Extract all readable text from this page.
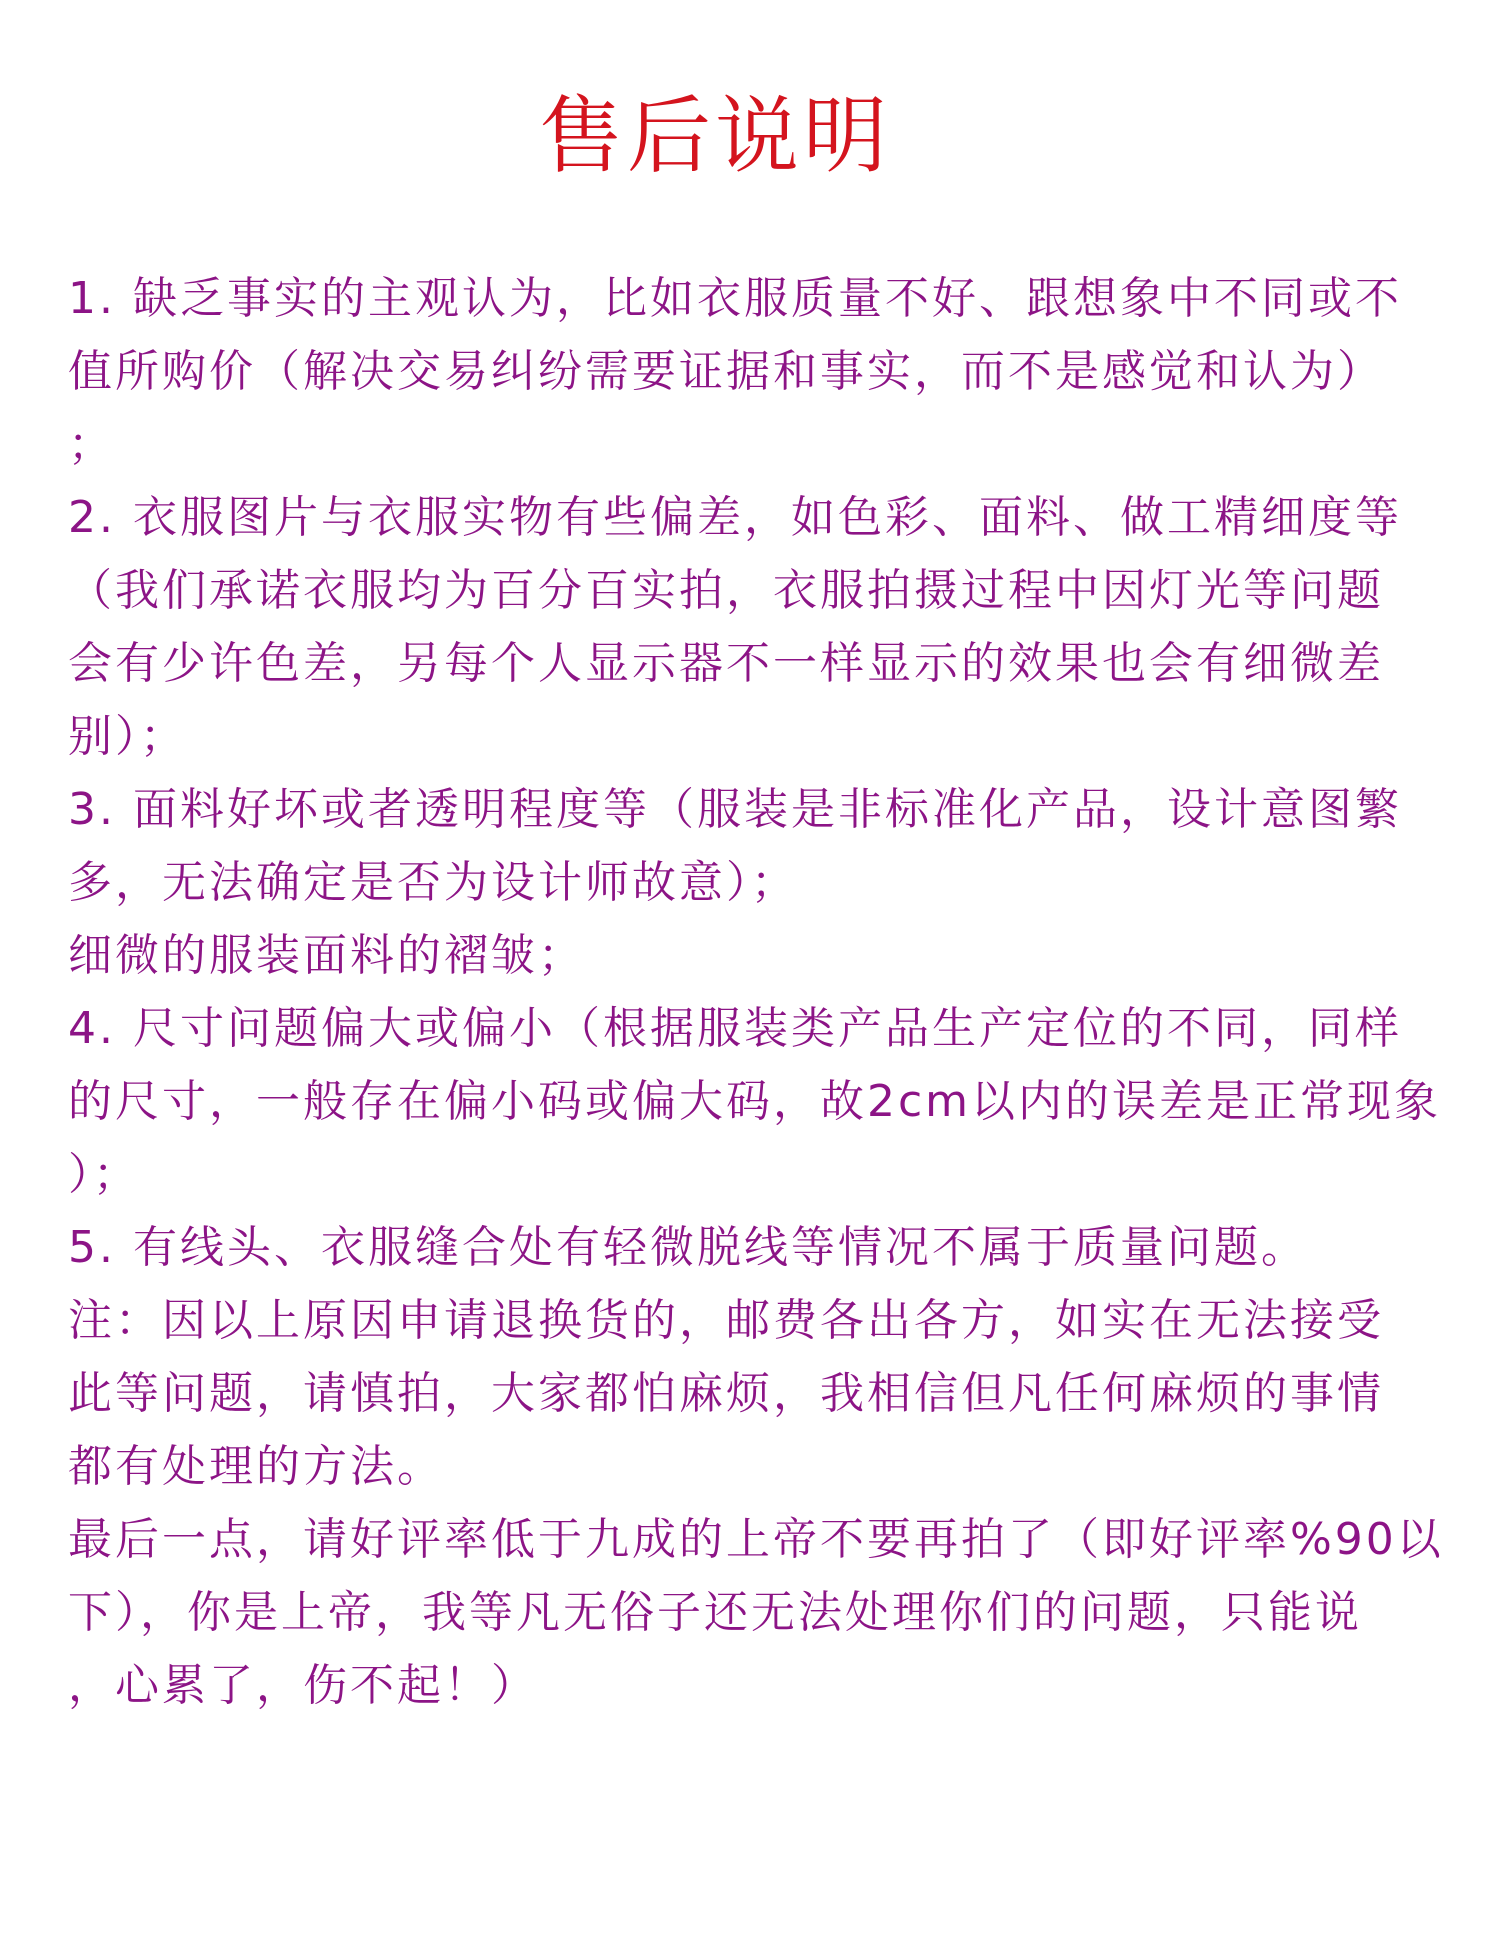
售后说明
1. 缺乏事实的主观认为，比如衣服质量不好、跟想象中不同或不
值所购价（解决交易纠纷需要证据和事实，而不是感觉和认为）
；
2. 衣服图片与衣服实物有些偏差，如色彩、面料、做工精细度等
（我们承诺衣服均为百分百实拍，衣服拍摄过程中因灯光等问题
会有少许色差，另每个人显示器不一样显示的效果也会有细微差
别）；
3. 面料好坏或者透明程度等（服装是非标准化产品，设计意图繁
多，无法确定是否为设计师故意）；
细微的服装面料的褶皱；
4. 尺寸问题偏大或偏小（根据服装类产品生产定位的不同，同样
的尺寸，一般存在偏小码或偏大码，故2cm以内的误差是正常现象
）；
5. 有线头、衣服缝合处有轻微脱线等情况不属于质量问题。
注：因以上原因申请退换货的，邮费各出各方，如实在无法接受
此等问题，请慎拍，大家都怕麻烦，我相信但凡任何麻烦的事情
都有处理的方法。
最后一点，请好评率低于九成的上帝不要再拍了（即好评率%90以
下），你是上帝，我等凡无俗子还无法处理你们的问题，只能说
，心累了，伤不起！）
